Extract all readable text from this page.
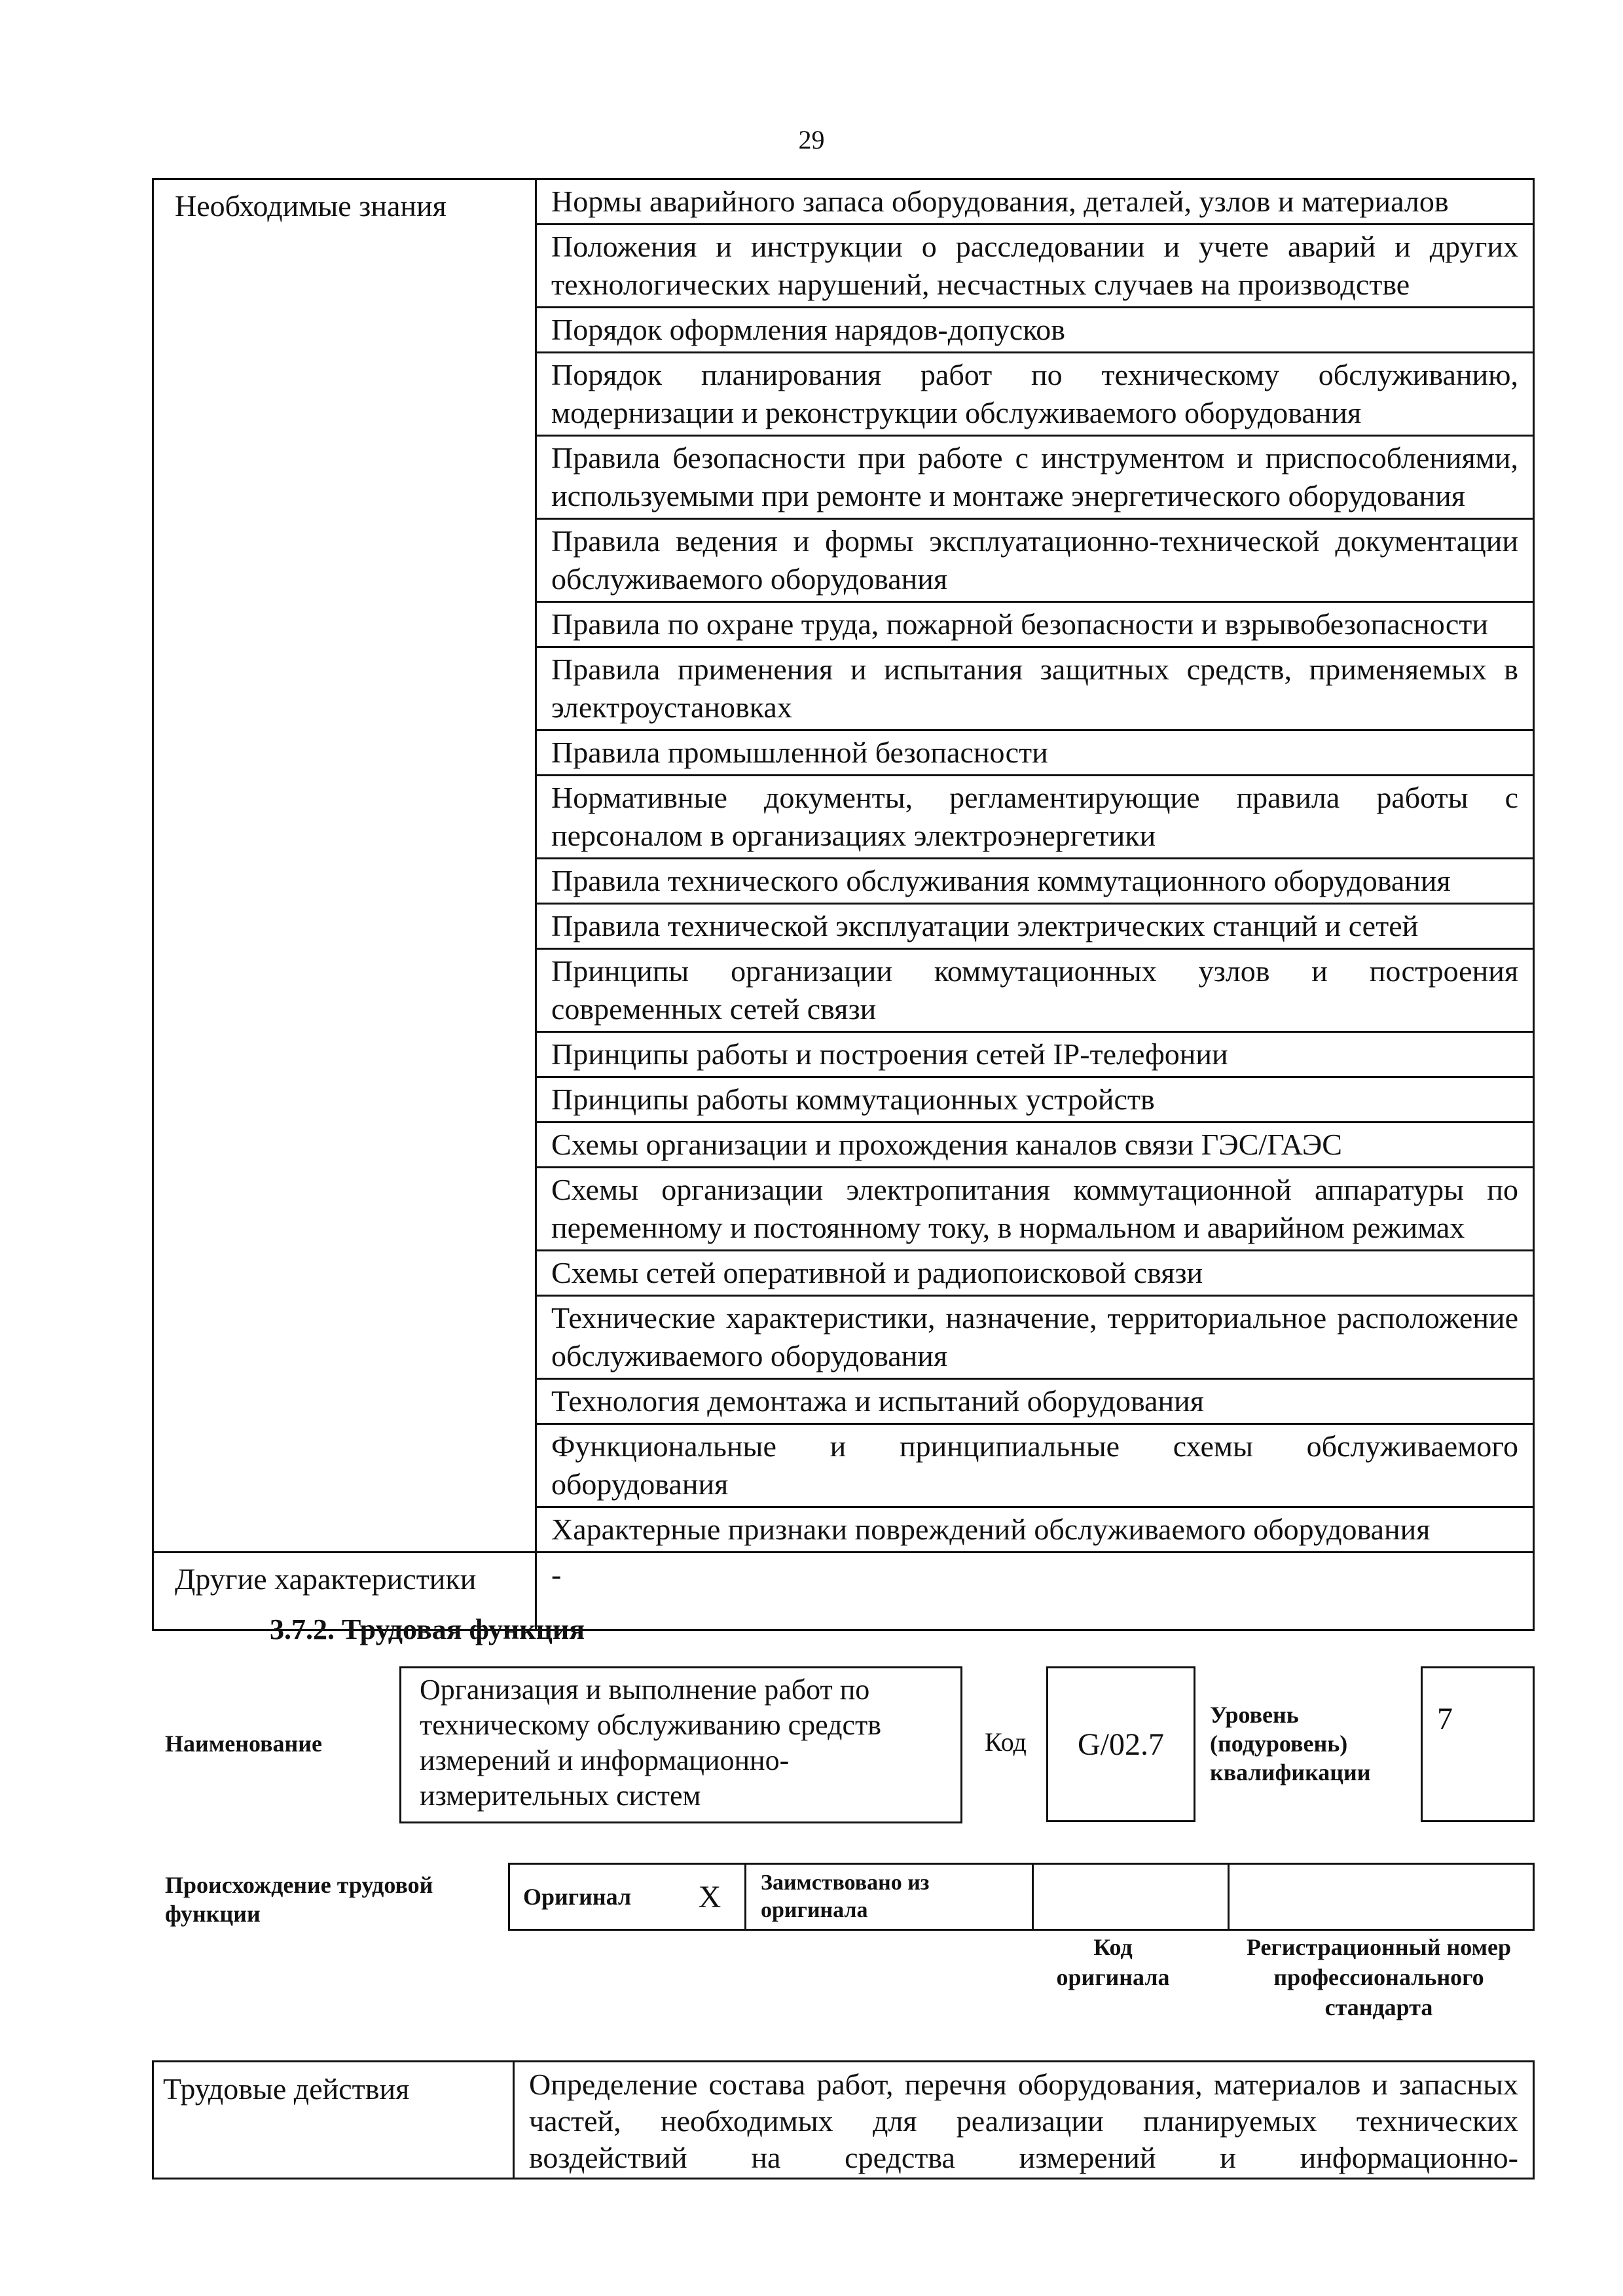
29
Необходимые знания	Нормы аварийного запаса оборудования, деталей, узлов и материалов
	Положения и инструкции о расследовании и учете аварий и других технологических нарушений, несчастных случаев на производстве
	Порядок оформления нарядов-допусков
	Порядок планирования работ по техническому обслуживанию, модернизации и реконструкции обслуживаемого оборудования
	Правила безопасности при работе с инструментом и приспособлениями, используемыми при ремонте и монтаже энергетического оборудования
	Правила ведения и формы эксплуатационно-технической документации обслуживаемого оборудования
	Правила по охране труда, пожарной безопасности и взрывобезопасности
	Правила применения и испытания защитных средств, применяемых в электроустановках
	Правила промышленной безопасности
	Нормативные документы, регламентирующие правила работы с персоналом в организациях электроэнергетики
	Правила технического обслуживания коммутационного оборудования
	Правила технической эксплуатации электрических станций и сетей
	Принципы организации коммутационных узлов и построения современных сетей связи
	Принципы работы и построения сетей IP-телефонии
	Принципы работы коммутационных устройств
	Схемы организации и прохождения каналов связи ГЭС/ГАЭС
	Схемы организации электропитания коммутационной аппаратуры по переменному и постоянному току, в нормальном и аварийном режимах
	Схемы сетей оперативной и радиопоисковой связи
	Технические характеристики, назначение, территориальное расположение обслуживаемого оборудования
	Технология демонтажа и испытаний оборудования
	Функциональные и принципиальные схемы обслуживаемого оборудования
	Характерные признаки повреждений обслуживаемого оборудования
Другие характеристики	-
3.7.2. Трудовая функция
Наименование
Организация и выполнение работ по техническому обслуживанию средств измерений и информационно-измерительных систем
Код	G/02.7
Уровень (подуровень) квалификации
7
Происхождение трудовой функции
Оригинал	X	Заимствовано из оригинала		
Код оригинала
Регистрационный номер профессионального стандарта
Трудовые действия	Определение состава работ, перечня оборудования, материалов и запасных частей, необходимых для реализации планируемых технических воздействий на средства измерений и информационно-
